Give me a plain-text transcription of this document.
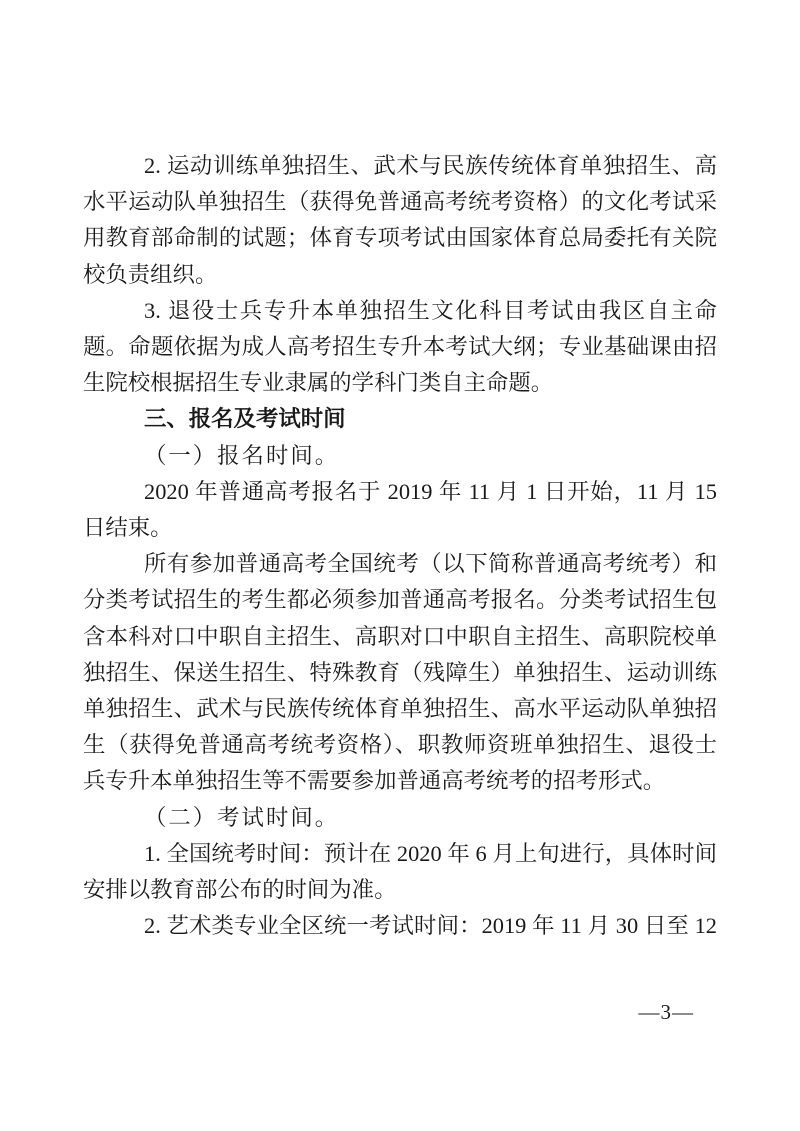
2. 运动训练单独招生、武术与民族传统体育单独招生、高水平运动队单独招生（获得免普通高考统考资格）的文化考试采用教育部命制的试题；体育专项考试由国家体育总局委托有关院校负责组织。

3. 退役士兵专升本单独招生文化科目考试由我区自主命题。命题依据为成人高考招生专升本考试大纲；专业基础课由招生院校根据招生专业隶属的学科门类自主命题。

三、报名及考试时间

（一）报名时间。

2020 年普通高考报名于 2019 年 11 月 1 日开始，11 月 15 日结束。

所有参加普通高考全国统考（以下简称普通高考统考）和分类考试招生的考生都必须参加普通高考报名。分类考试招生包含本科对口中职自主招生、高职对口中职自主招生、高职院校单独招生、保送生招生、特殊教育（残障生）单独招生、运动训练单独招生、武术与民族传统体育单独招生、高水平运动队单独招生（获得免普通高考统考资格）、职教师资班单独招生、退役士兵专升本单独招生等不需要参加普通高考统考的招考形式。

（二）考试时间。

1. 全国统考时间：预计在 2020 年 6 月上旬进行，具体时间安排以教育部公布的时间为准。

2. 艺术类专业全区统一考试时间：2019 年 11 月 30 日至 12

—3—
